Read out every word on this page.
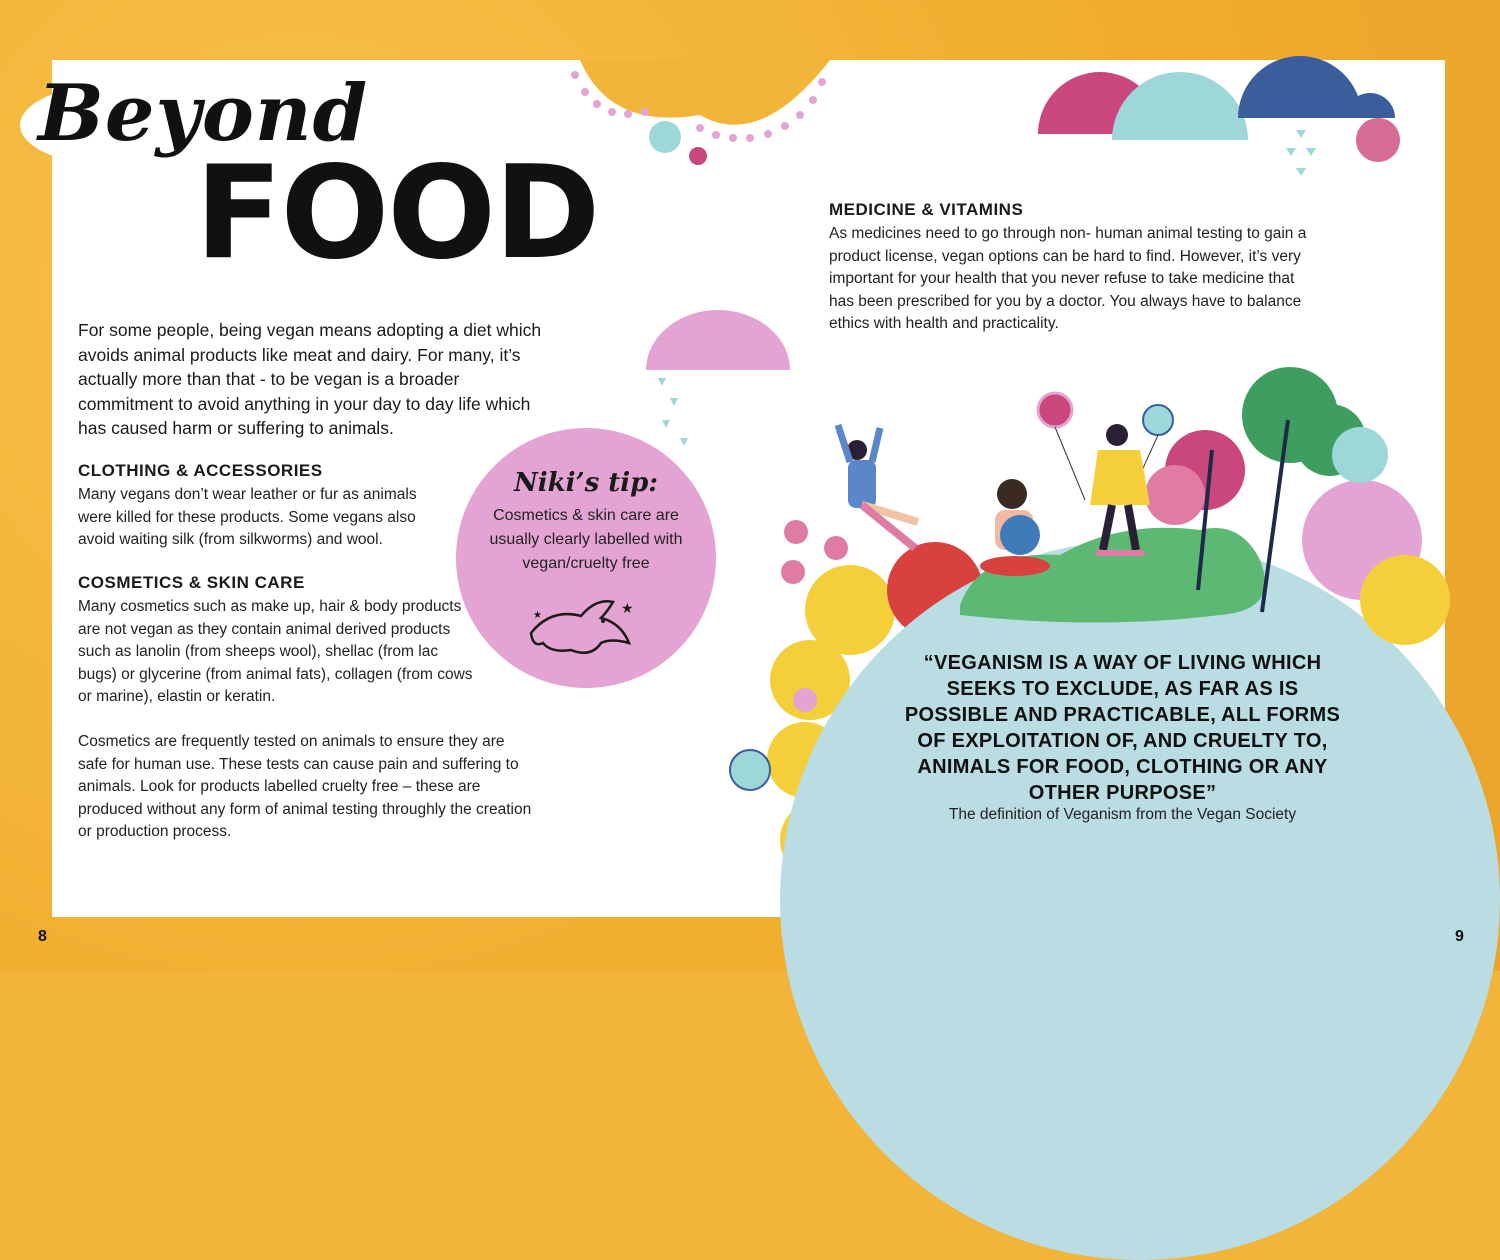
Beyond
FOOD
For some people, being vegan means adopting a diet which avoids animal products like meat and dairy. For many, it’s actually more than that - to be vegan is a broader commitment to avoid anything in your day to day life which has caused harm or suffering to animals.
CLOTHING & ACCESSORIES
Many vegans don’t wear leather or fur as animals were killed for these products. Some vegans also avoid waiting silk (from silkworms) and wool.
COSMETICS & SKIN CARE
Many cosmetics such as make up, hair & body products are not vegan as they contain animal derived products such as lanolin (from sheeps wool), shellac (from lac bugs) or glycerine (from animal fats), collagen (from cows or marine), elastin or keratin.
Cosmetics are frequently tested on animals to ensure they are safe for human use. These tests can cause pain and suffering to animals. Look for products labelled cruelty free – these are produced without any form of animal testing throughly the creation or production process.
Niki’s tip:
Cosmetics & skin care are usually clearly labelled with vegan/cruelty free
★
★
MEDICINE & VITAMINS
As medicines need to go through non- human animal testing to gain a product license, vegan options can be hard to find. However, it’s very important for your health that you never refuse to take medicine that has been prescribed for you by a doctor. You always have to balance ethics with health and practicality.
“VEGANISM IS A WAY OF LIVING WHICH SEEKS TO EXCLUDE, AS FAR AS IS POSSIBLE AND PRACTICABLE, ALL FORMS OF EXPLOITATION OF, AND CRUELTY TO, ANIMALS FOR FOOD, CLOTHING OR ANY OTHER PURPOSE”
The definition of Veganism from the Vegan Society
8	9
